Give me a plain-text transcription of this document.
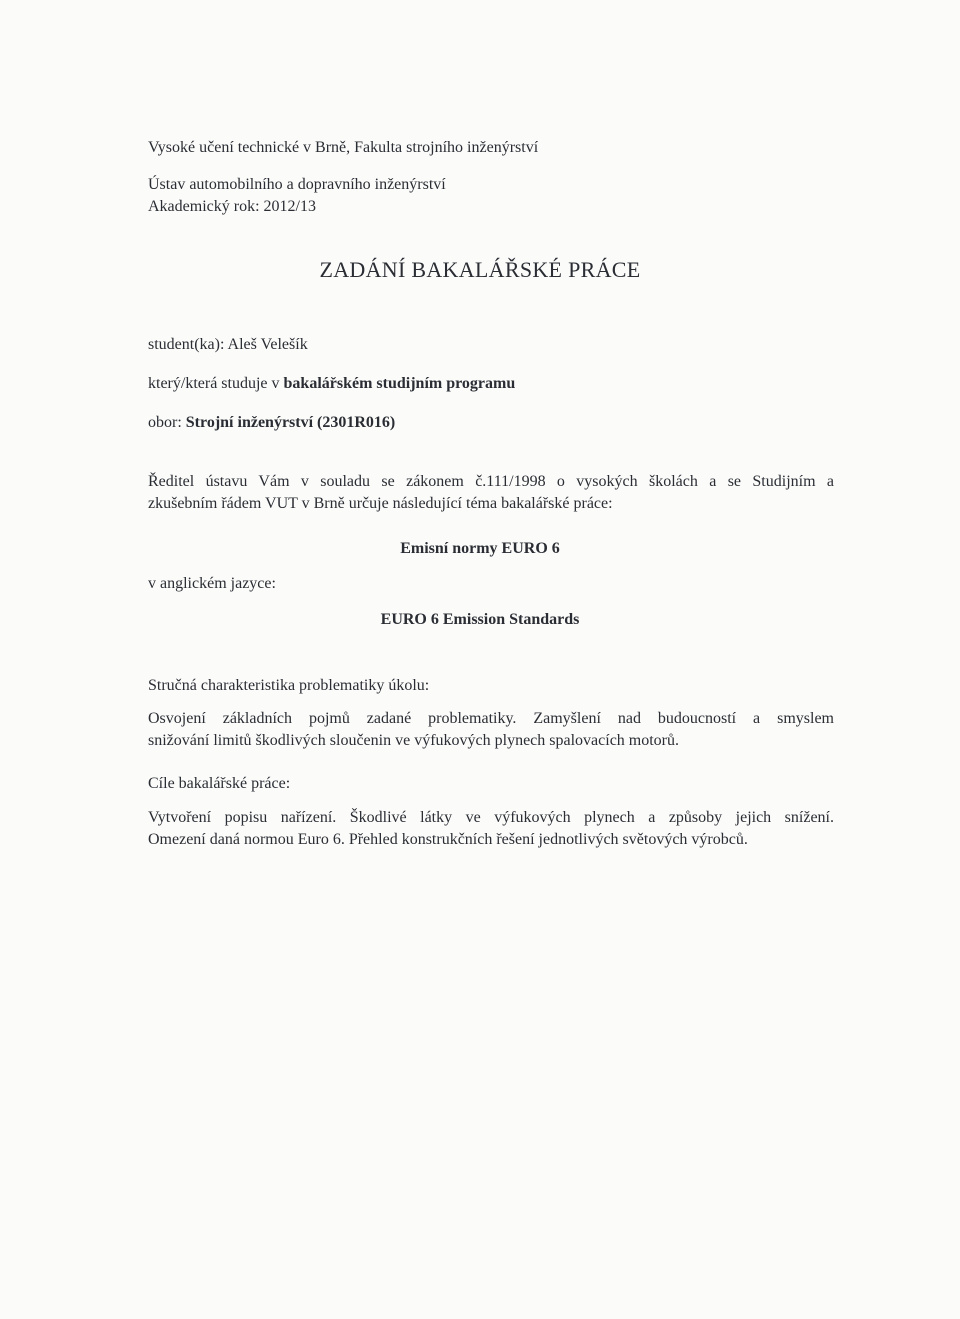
Vysoké učení technické v Brně, Fakulta strojního inženýrství
Ústav automobilního a dopravního inženýrství
Akademický rok: 2012/13
ZADÁNÍ BAKALÁŘSKÉ PRÁCE
student(ka): Aleš Velešík
který/která studuje v bakalářském studijním programu
obor: Strojní inženýrství (2301R016)
Ředitel ústavu Vám v souladu se zákonem č.111/1998 o vysokých školách a se Studijním a
zkušebním řádem VUT v Brně určuje následující téma bakalářské práce:
Emisní normy EURO 6
v anglickém jazyce:
EURO 6 Emission Standards
Stručná charakteristika problematiky úkolu:
Osvojení základních pojmů zadané problematiky. Zamyšlení nad budoucností a smyslem
snižování limitů škodlivých sloučenin ve výfukových plynech spalovacích motorů.
Cíle bakalářské práce:
Vytvoření popisu nařízení. Škodlivé látky ve výfukových plynech a způsoby jejich snížení.
Omezení daná normou Euro 6. Přehled konstrukčních řešení jednotlivých světových výrobců.
